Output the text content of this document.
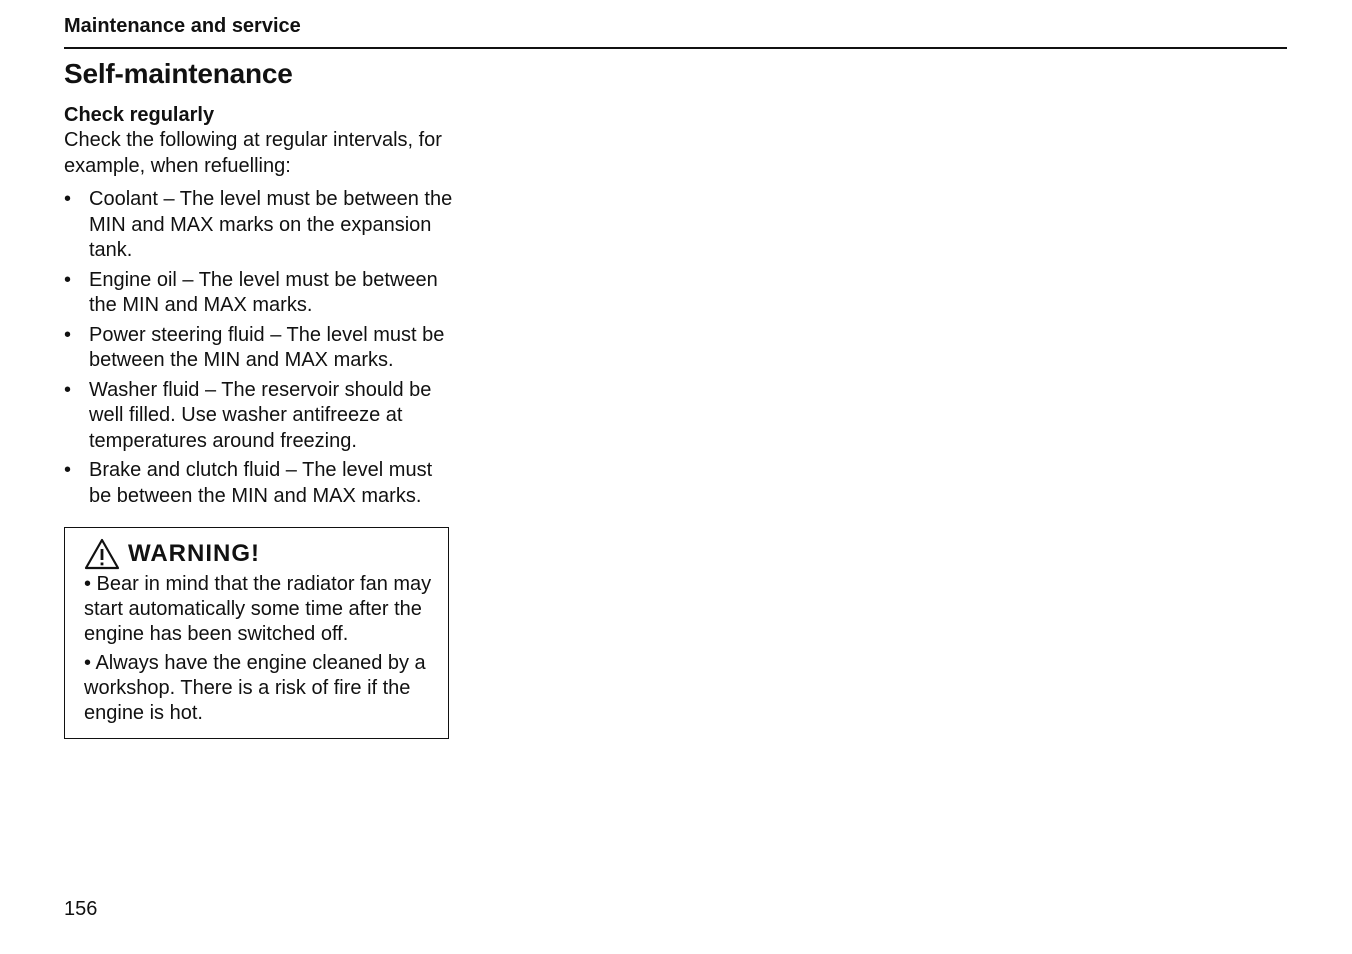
Maintenance and service
Self-maintenance

Check regularly

Check the following at regular intervals, for example, when refuelling:

• Coolant – The level must be between the MIN and MAX marks on the expansion tank.
• Engine oil – The level must be between the MIN and MAX marks.
• Power steering fluid – The level must be between the MIN and MAX marks.
• Washer fluid – The reservoir should be well filled. Use washer antifreeze at temperatures around freezing.
• Brake and clutch fluid – The level must be between the MIN and MAX marks.
WARNING!

• Bear in mind that the radiator fan may start automatically some time after the engine has been switched off.

• Always have the engine cleaned by a workshop. There is a risk of fire if the engine is hot.

156
